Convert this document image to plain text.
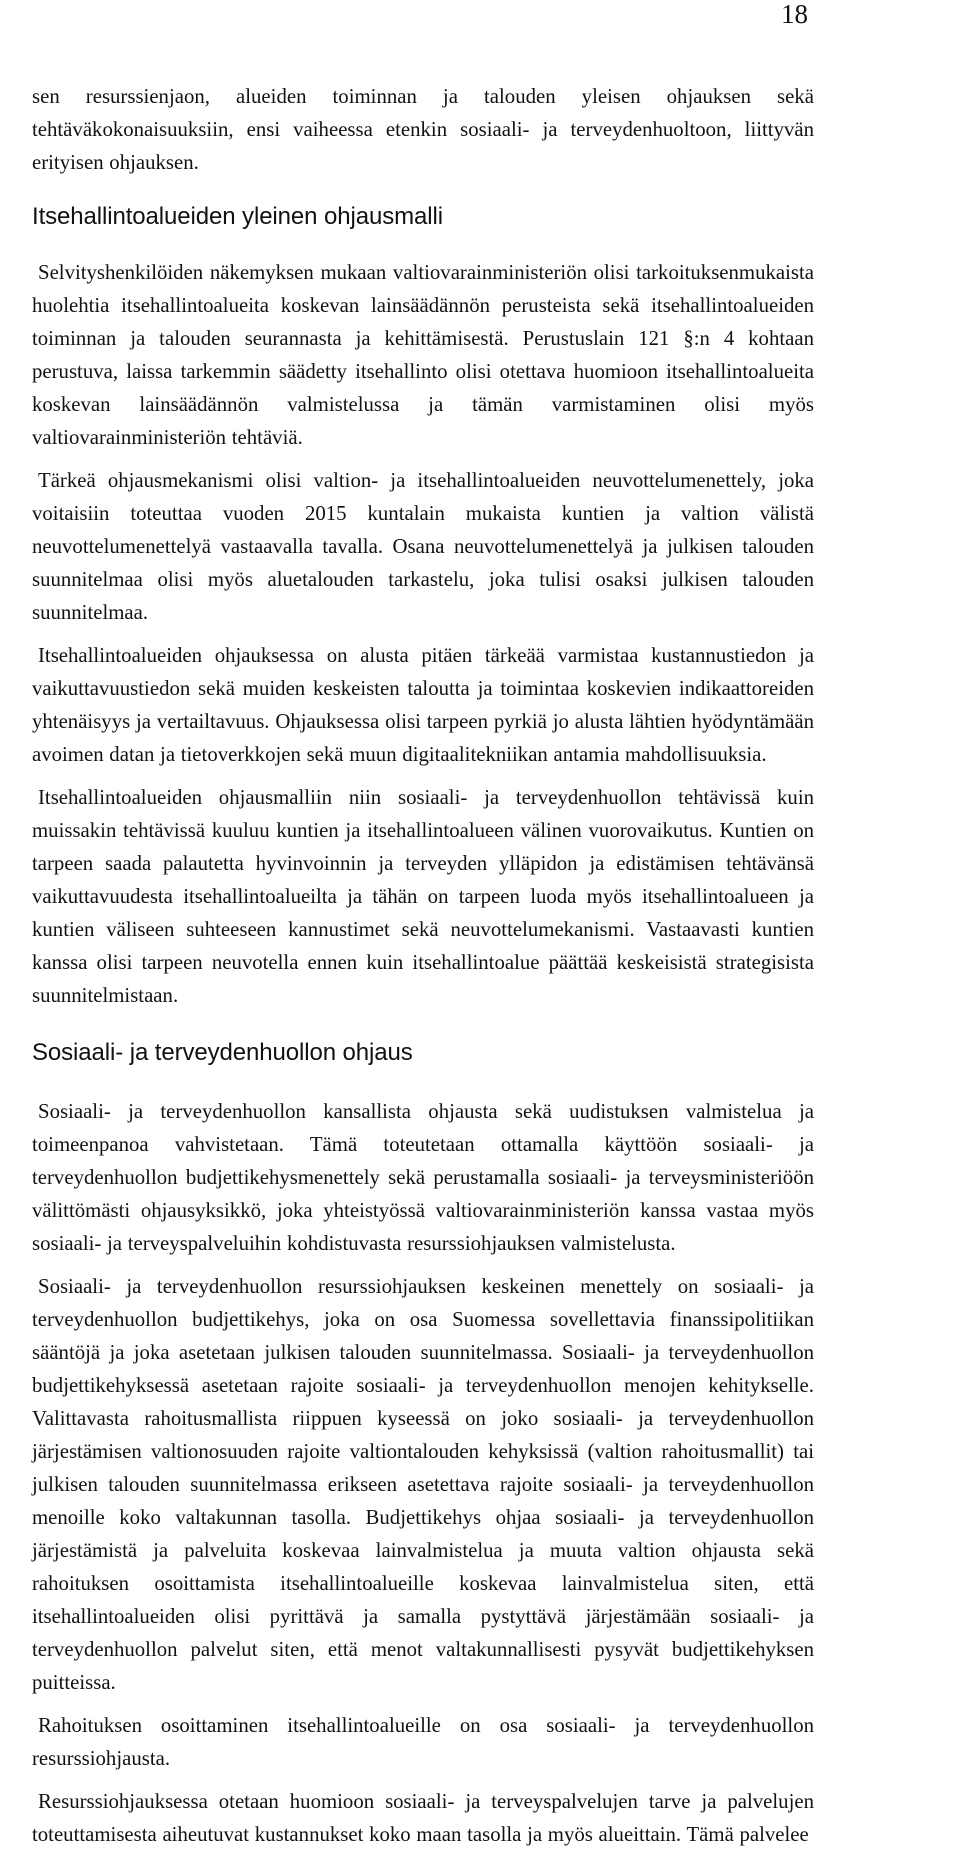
18

sen resurssienjaon, alueiden toiminnan ja talouden yleisen ohjauksen sekä tehtäväkokonaisuuksiin, ensi vaiheessa etenkin sosiaali- ja terveydenhuoltoon, liittyvän erityisen ohjauksen.

Itsehallintoalueiden yleinen ohjausmalli

Selvityshenkilöiden näkemyksen mukaan valtiovarainministeriön olisi tarkoituksenmukaista huolehtia itsehallintoalueita koskevan lainsäädännön perusteista sekä itsehallintoalueiden toiminnan ja talouden seurannasta ja kehittämisestä. Perustuslain 121 §:n 4 kohtaan perustuva, laissa tarkemmin säädetty itsehallinto olisi otettava huomioon itsehallintoalueita koskevan lainsäädännön valmistelussa ja tämän varmistaminen olisi myös valtiovarainministeriön tehtäviä.

Tärkeä ohjausmekanismi olisi valtion- ja itsehallintoalueiden neuvottelumenettely, joka voitaisiin toteuttaa vuoden 2015 kuntalain mukaista kuntien ja valtion välistä neuvottelumenettelyä vastaavalla tavalla. Osana neuvottelumenettelyä ja julkisen talouden suunnitelmaa olisi myös aluetalouden tarkastelu, joka tulisi osaksi julkisen talouden suunnitelmaa.

Itsehallintoalueiden ohjauksessa on alusta pitäen tärkeää varmistaa kustannustiedon ja vaikuttavuustiedon sekä muiden keskeisten taloutta ja toimintaa koskevien indikaattoreiden yhtenäisyys ja vertailtavuus. Ohjauksessa olisi tarpeen pyrkiä jo alusta lähtien hyödyntämään avoimen datan ja tietoverkkojen sekä muun digitaalitekniikan antamia mahdollisuuksia.

Itsehallintoalueiden ohjausmalliin niin sosiaali- ja terveydenhuollon tehtävissä kuin muissakin tehtävissä kuuluu kuntien ja itsehallintoalueen välinen vuorovaikutus. Kuntien on tarpeen saada palautetta hyvinvoinnin ja terveyden ylläpidon ja edistämisen tehtävänsä vaikuttavuudesta itsehallintoalueilta ja tähän on tarpeen luoda myös itsehallintoalueen ja kuntien väliseen suhteeseen kannustimet sekä neuvottelumekanismi. Vastaavasti kuntien kanssa olisi tarpeen neuvotella ennen kuin itsehallintoalue päättää keskeisistä strategisista suunnitelmistaan.

Sosiaali- ja terveydenhuollon ohjaus

Sosiaali- ja terveydenhuollon kansallista ohjausta sekä uudistuksen valmistelua ja toimeenpanoa vahvistetaan. Tämä toteutetaan ottamalla käyttöön sosiaali- ja terveydenhuollon budjettikehysmenettely sekä perustamalla sosiaali- ja terveysministeriöön välittömästi ohjausyksikkö, joka yhteistyössä valtiovarainministeriön kanssa vastaa myös sosiaali- ja terveyspalveluihin kohdistuvasta resurssiohjauksen valmistelusta.

Sosiaali- ja terveydenhuollon resurssiohjauksen keskeinen menettely on sosiaali- ja terveydenhuollon budjettikehys, joka on osa Suomessa sovellettavia finanssipolitiikan sääntöjä ja joka asetetaan julkisen talouden suunnitelmassa. Sosiaali- ja terveydenhuollon budjettikehyksessä asetetaan rajoite sosiaali- ja terveydenhuollon menojen kehitykselle. Valittavasta rahoitusmallista riippuen kyseessä on joko sosiaali- ja terveydenhuollon järjestämisen valtionosuuden rajoite valtiontalouden kehyksissä (valtion rahoitusmallit) tai julkisen talouden suunnitelmassa erikseen asetettava rajoite sosiaali- ja terveydenhuollon menoille koko valtakunnan tasolla. Budjettikehys ohjaa sosiaali- ja terveydenhuollon järjestämistä ja palveluita koskevaa lainvalmistelua ja muuta valtion ohjausta sekä rahoituksen osoittamista itsehallintoalueille koskevaa lainvalmistelua siten, että itsehallintoalueiden olisi pyrittävä ja samalla pystyttävä järjestämään sosiaali- ja terveydenhuollon palvelut siten, että menot valtakunnallisesti pysyvät budjettikehyksen puitteissa.

Rahoituksen osoittaminen itsehallintoalueille on osa sosiaali- ja terveydenhuollon resurssiohjausta.

Resurssiohjauksessa otetaan huomioon sosiaali- ja terveyspalvelujen tarve ja palvelujen toteuttamisesta aiheutuvat kustannukset koko maan tasolla ja myös alueittain. Tämä palvelee
